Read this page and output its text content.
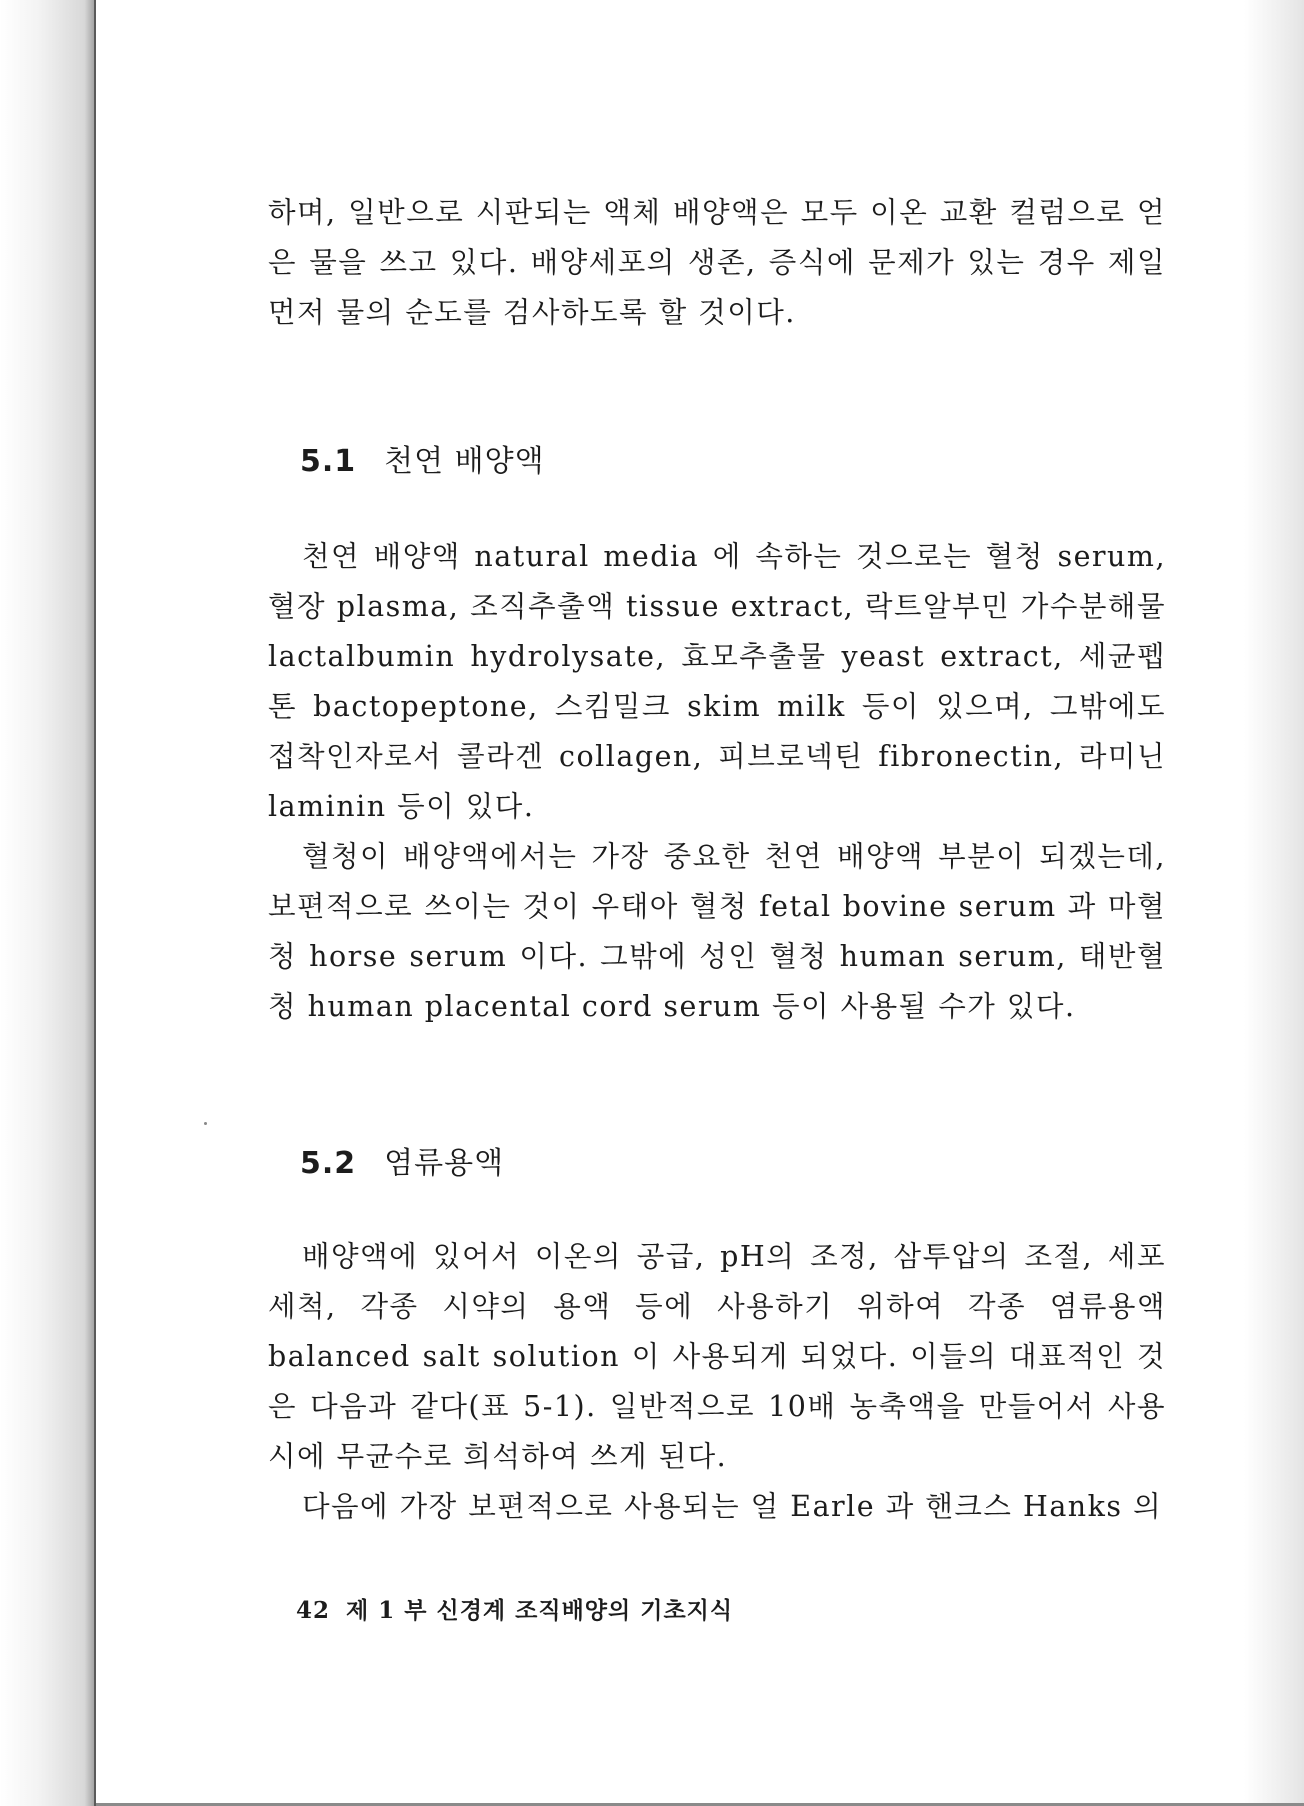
하며, 일반으로 시판되는 액체 배양액은 모두 이온 교환 컬럼으로 얻은 물을 쓰고 있다. 배양세포의 생존, 증식에 문제가 있는 경우 제일 먼저 물의 순도를 검사하도록 할 것이다.

5.1 천연 배양액

천연 배양액 natural media 에 속하는 것으로는 혈청 serum, 혈장 plasma, 조직추출액 tissue extract, 락트알부민 가수분해물 lactalbumin hydrolysate, 효모추출물 yeast extract, 세균펩톤 bactopeptone, 스킴밀크 skim milk 등이 있으며, 그밖에도 접착인자로서 콜라겐 collagen, 피브로넥틴 fibronectin, 라미닌 laminin 등이 있다.

혈청이 배양액에서는 가장 중요한 천연 배양액 부분이 되겠는데, 보편적으로 쓰이는 것이 우태아 혈청 fetal bovine serum 과 마혈청 horse serum 이다. 그밖에 성인 혈청 human serum, 태반혈청 human placental cord serum 등이 사용될 수가 있다.

5.2 염류용액

배양액에 있어서 이온의 공급, pH의 조정, 삼투압의 조절, 세포 세척, 각종 시약의 용액 등에 사용하기 위하여 각종 염류용액 balanced salt solution 이 사용되게 되었다. 이들의 대표적인 것은 다음과 같다(표 5-1). 일반적으로 10배 농축액을 만들어서 사용시에 무균수로 희석하여 쓰게 된다.

다음에 가장 보편적으로 사용되는 얼 Earle 과 핸크스 Hanks 의

42 제 1 부 신경계 조직배양의 기초지식
